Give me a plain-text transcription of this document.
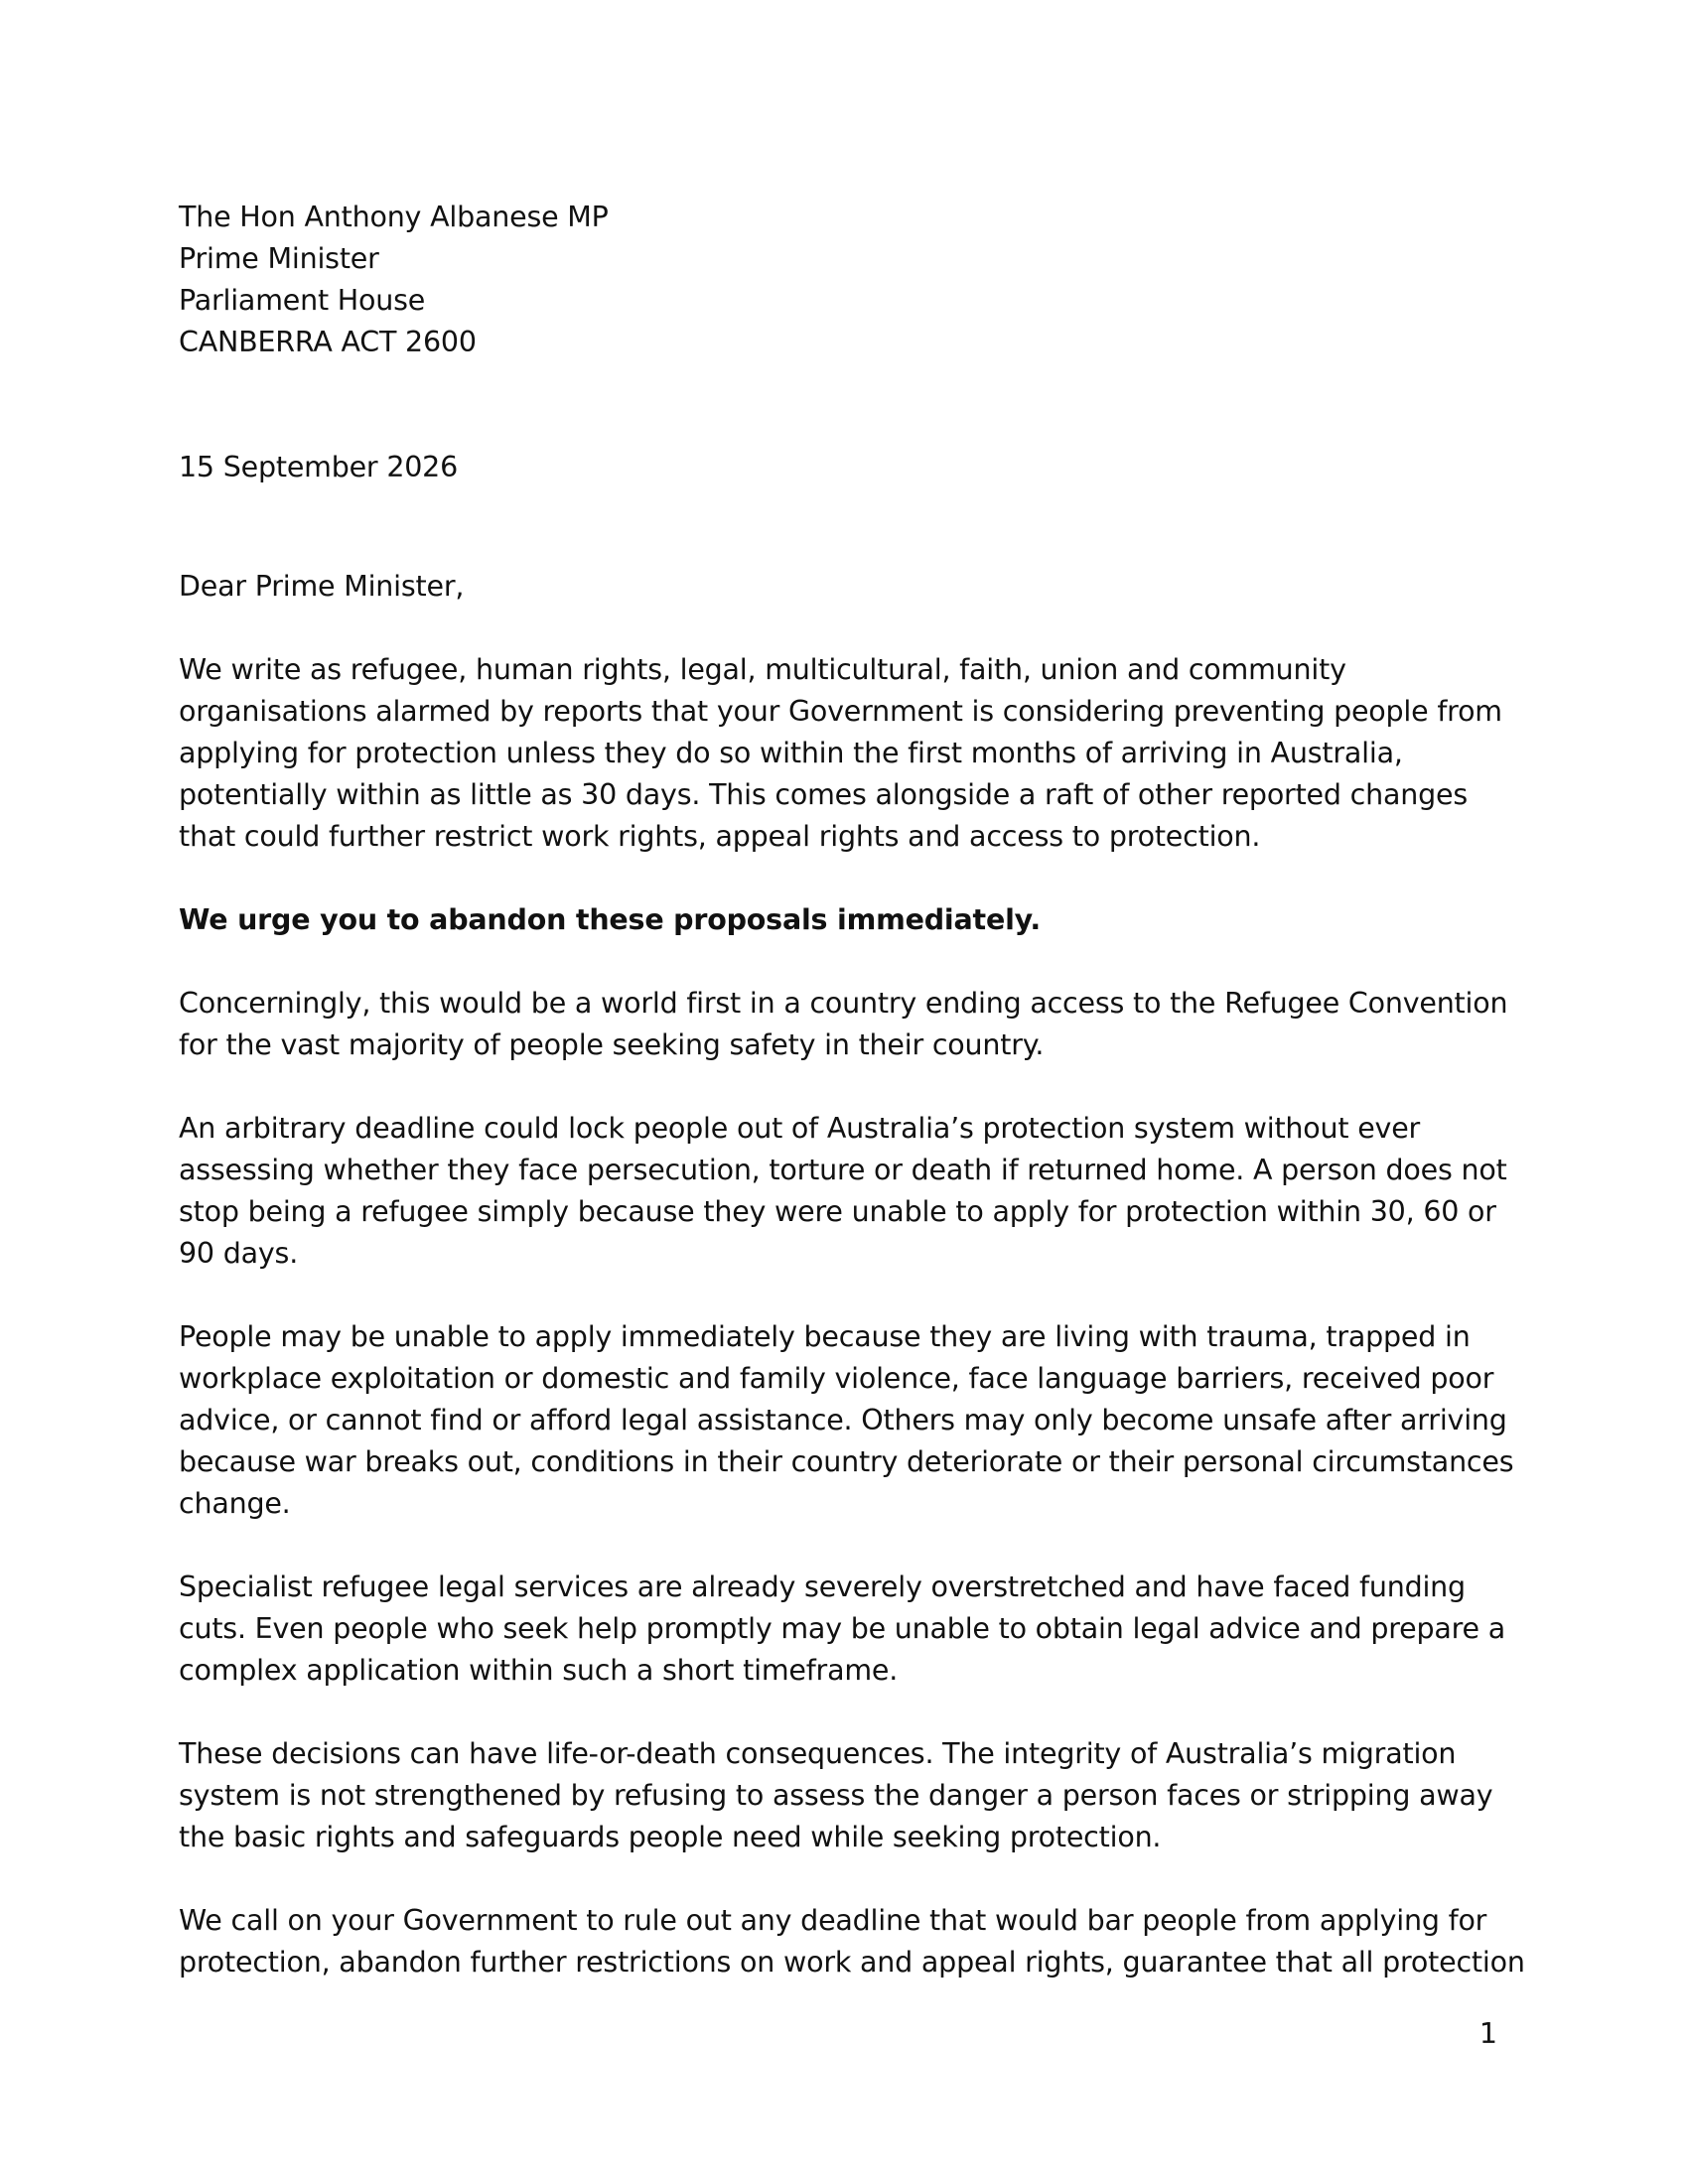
The Hon Anthony Albanese MP
Prime Minister
Parliament House
CANBERRA ACT 2600
15 September 2026
Dear Prime Minister,

We write as refugee, human rights, legal, multicultural, faith, union and community organisations alarmed by reports that your Government is considering preventing people from applying for protection unless they do so within the first months of arriving in Australia, potentially within as little as 30 days. This comes alongside a raft of other reported changes that could further restrict work rights, appeal rights and access to protection.

We urge you to abandon these proposals immediately.

Concerningly, this would be a world first in a country ending access to the Refugee Convention for the vast majority of people seeking safety in their country.

An arbitrary deadline could lock people out of Australia’s protection system without ever assessing whether they face persecution, torture or death if returned home. A person does not stop being a refugee simply because they were unable to apply for protection within 30, 60 or 90 days.

People may be unable to apply immediately because they are living with trauma, trapped in workplace exploitation or domestic and family violence, face language barriers, received poor advice, or cannot find or afford legal assistance. Others may only become unsafe after arriving because war breaks out, conditions in their country deteriorate or their personal circumstances change.

Specialist refugee legal services are already severely overstretched and have faced funding cuts. Even people who seek help promptly may be unable to obtain legal advice and prepare a complex application within such a short timeframe.

These decisions can have life-or-death consequences. The integrity of Australia’s migration system is not strengthened by refusing to assess the danger a person faces or stripping away the basic rights and safeguards people need while seeking protection.

We call on your Government to rule out any deadline that would bar people from applying for protection, abandon further restrictions on work and appeal rights, guarantee that all protection

1
